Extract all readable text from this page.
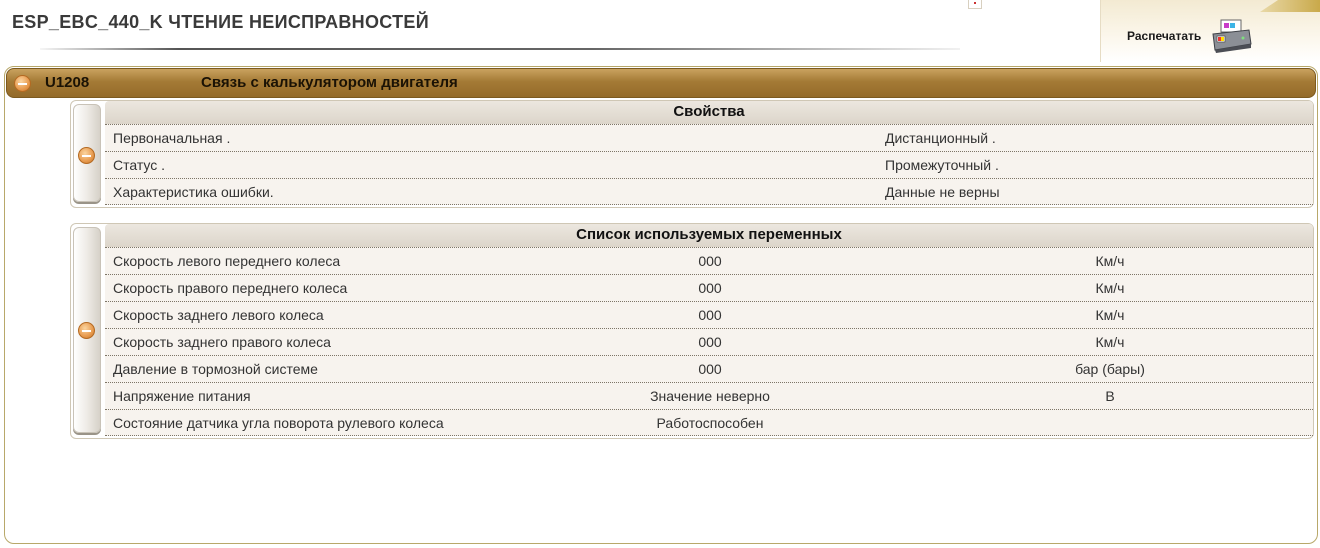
ESP_EBC_440_K ЧТЕНИЕ НЕИСПРАВНОСТЕЙ
Распечатать
U1208	Связь с калькулятором двигателя
Свойства
Первоначальная .	Дистанционный .
Статус .	Промежуточный .
Характеристика ошибки.	Данные не верны
Список используемых переменных
Скорость левого переднего колеса	000	Км/ч
Скорость правого переднего колеса	000	Км/ч
Скорость заднего левого колеса	000	Км/ч
Скорость заднего правого колеса	000	Км/ч
Давление в тормозной системе	000	бар (бары)
Напряжение питания	Значение неверно	В
Состояние датчика угла поворота рулевого колеса	Работоспособен
